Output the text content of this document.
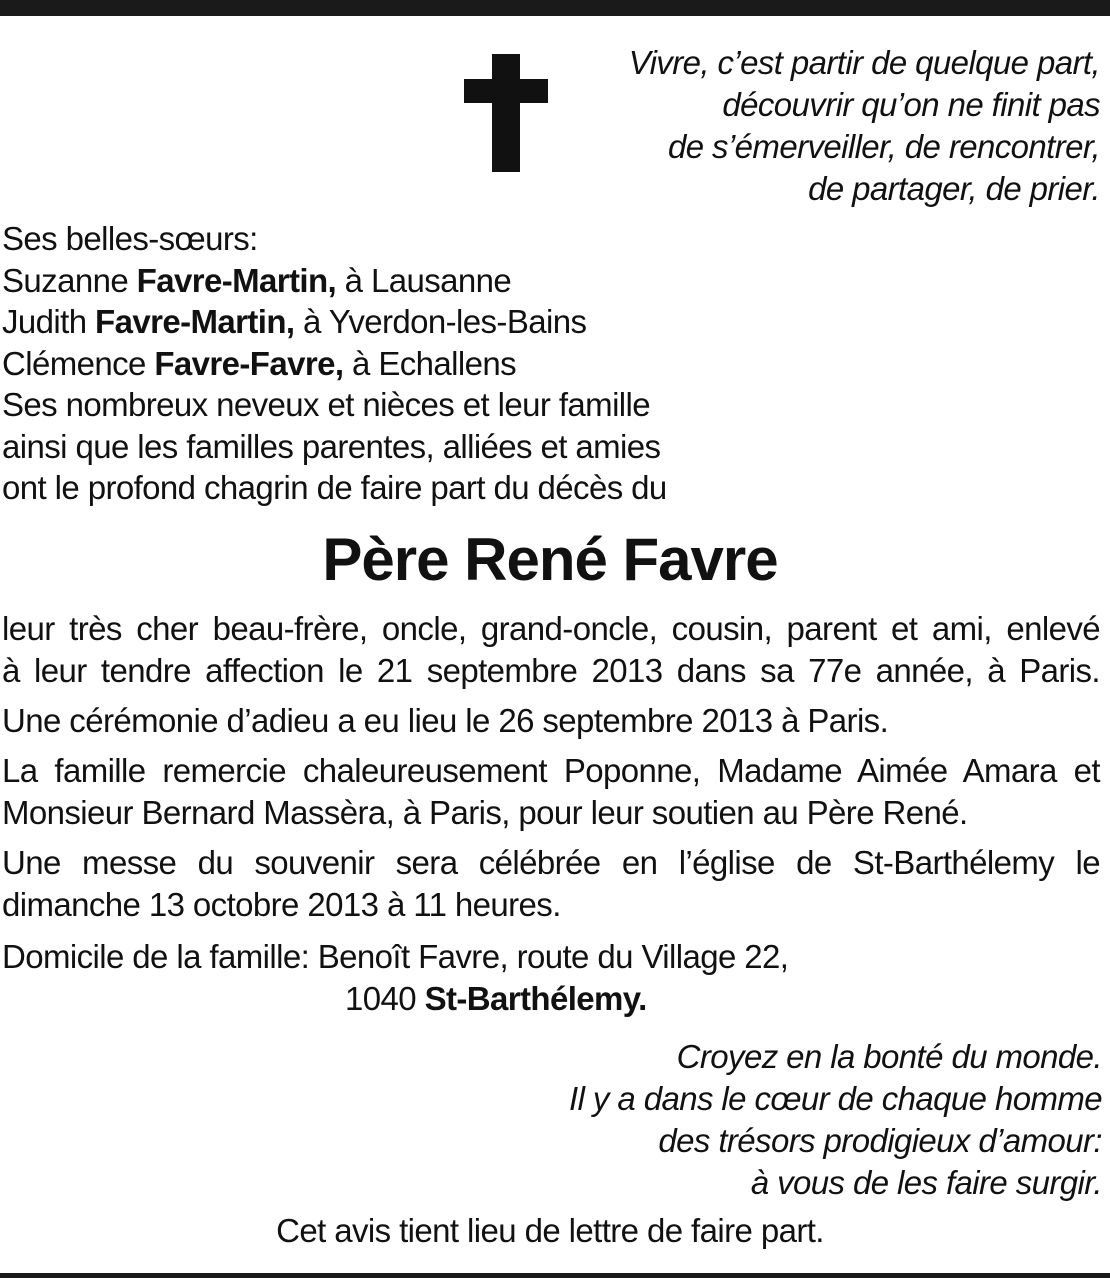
Vivre, c’est partir de quelque part,
découvrir qu’on ne finit pas
de s’émerveiller, de rencontrer,
de partager, de prier.
Ses belles-sœurs:
Suzanne Favre-Martin, à Lausanne
Judith Favre-Martin, à Yverdon-les-Bains
Clémence Favre-Favre, à Echallens
Ses nombreux neveux et nièces et leur famille
ainsi que les familles parentes, alliées et amies
ont le profond chagrin de faire part du décès du
Père René Favre
leur très cher beau-frère, oncle, grand-oncle, cousin, parent et ami, enlevé
à leur tendre affection le 21 septembre 2013 dans sa 77e année, à Paris.
Une cérémonie d’adieu a eu lieu le 26 septembre 2013 à Paris.
La famille remercie chaleureusement Poponne, Madame Aimée Amara et
Monsieur Bernard Massèra, à Paris, pour leur soutien au Père René.
Une messe du souvenir sera célébrée en l’église de St-Barthélemy le
dimanche 13 octobre 2013 à 11 heures.
Domicile de la famille: Benoît Favre, route du Village 22,
1040 St-Barthélemy.
Croyez en la bonté du monde.
Il y a dans le cœur de chaque homme
des trésors prodigieux d’amour:
à vous de les faire surgir.
Cet avis tient lieu de lettre de faire part.
